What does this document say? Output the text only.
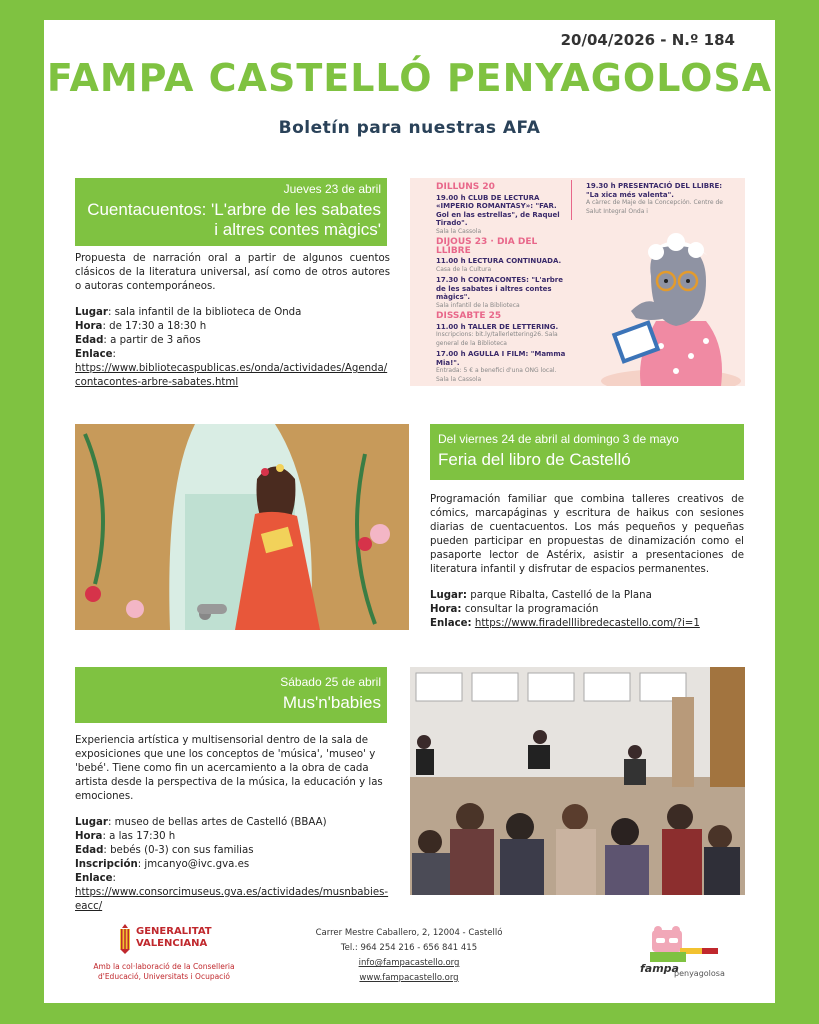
20/04/2026 - N.º 184
FAMPA CASTELLÓ PENYAGOLOSA
Boletín para nuestras AFA
Jueves 23 de abril
Cuentacuentos: 'L'arbre de les sabates i altres contes màgics'

Propuesta de narración oral a partir de algunos cuentos clásicos de la literatura universal, así como de otros autores o autoras contemporáneos.

Lugar: sala infantil de la biblioteca de Onda
Hora: de 17:30 a 18:30 h
Edad: a partir de 3 años
Enlace:
https://www.bibliotecaspublicas.es/onda/actividades/Agenda/contacontes-arbre-sabates.html
DILLUNS 20
19.00 h CLUB DE LECTURA «IMPERIO ROMANTASY»: "FAR. Gol en las estrellas", de Raquel Tirado".
Sala la Cassola
DIJOUS 23 · DIA DEL LLIBRE
11.00 h LECTURA CONTINUADA.
Casa de la Cultura
17.30 h CONTACONTES: "L'arbre de les sabates i altres contes màgics".
Sala infantil de la Biblioteca
DISSABTE 25
11.00 h TALLER DE LETTERING.
Inscripcions: bit.ly/tallerlettering26. Sala general de la Biblioteca
17.00 h AGULLA I FILM: "Mamma Mia!".
Entrada: 5 € a benefici d'una ONG local. Sala la Cassola
19.30 h PRESENTACIÓ DEL LLIBRE: "La xica més valenta".
A càrrec de Maje de la Concepción. Centre de Salut Integral Onda i
Del viernes 24 de abril al domingo 3 de mayo
Feria del libro de Castelló

Programación familiar que combina talleres creativos de cómics, marcapáginas y escritura de haikus con sesiones diarias de cuentacuentos. Los más pequeños y pequeñas pueden participar en propuestas de dinamización como el pasaporte lector de Astérix, asistir a presentaciones de literatura infantil y disfrutar de espacios permanentes.

Lugar: parque Ribalta, Castelló de la Plana
Hora: consultar la programación
Enlace: https://www.firadelllibredecastello.com/?i=1
Sábado 25 de abril
Mus'n'babies

Experiencia artística y multisensorial dentro de la sala de exposiciones que une los conceptos de 'música', 'museo' y 'bebé'. Tiene como fin un acercamiento a la obra de cada artista desde la perspectiva de la música, la educación y las emociones.

Lugar: museo de bellas artes de Castelló (BBAA)
Hora: a las 17:30 h
Edad: bebés (0-3) con sus familias
Inscripción: jmcanyo@ivc.gva.es
Enlace:
https://www.consorcimuseus.gva.es/actividades/musnbabies-eacc/
GENERALITAT
VALENCIANA
Amb la col·laboració de la Conselleria
d'Educació, Universitats i Ocupació
Carrer Mestre Caballero, 2, 12004 - Castelló
Tel.: 964 254 216 - 656 841 415
info@fampacastello.org
www.fampacastello.org
fampa
penyagolosa
